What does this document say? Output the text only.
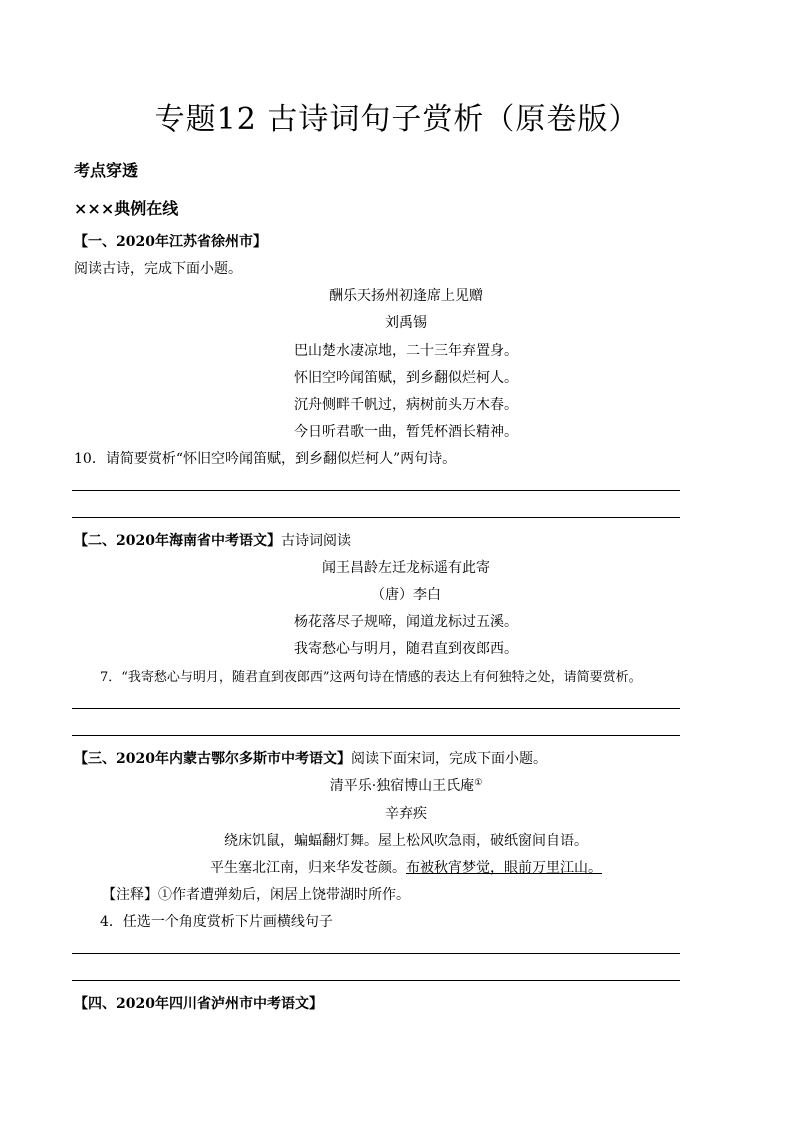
专题12 古诗词句子赏析（原卷版）
考点穿透
×××典例在线
【一、2020年江苏省徐州市】
阅读古诗，完成下面小题。
酬乐天扬州初逢席上见赠
刘禹锡
巴山楚水凄凉地，二十三年弃置身。
怀旧空吟闻笛赋，到乡翻似烂柯人。
沉舟侧畔千帆过，病树前头万木春。
今日听君歌一曲，暂凭杯酒长精神。
10．请简要赏析“怀旧空吟闻笛赋，到乡翻似烂柯人”两句诗。
【二、2020年海南省中考语文】古诗词阅读
闻王昌龄左迁龙标遥有此寄
（唐）李白
杨花落尽子规啼，闻道龙标过五溪。
我寄愁心与明月，随君直到夜郎西。
7．“我寄愁心与明月，随君直到夜郎西”这两句诗在情感的表达上有何独特之处，请简要赏析。
【三、2020年内蒙古鄂尔多斯市中考语文】阅读下面宋词，完成下面小题。
清平乐·独宿博山王氏庵①
辛弃疾
绕床饥鼠，蝙蝠翻灯舞。屋上松风吹急雨，破纸窗间自语。
平生塞北江南，归来华发苍颜。布被秋宵梦觉，眼前万里江山。
【注释】①作者遭弹劾后，闲居上饶带湖时所作。
4．任选一个角度赏析下片画横线句子
【四、2020年四川省泸州市中考语文】
